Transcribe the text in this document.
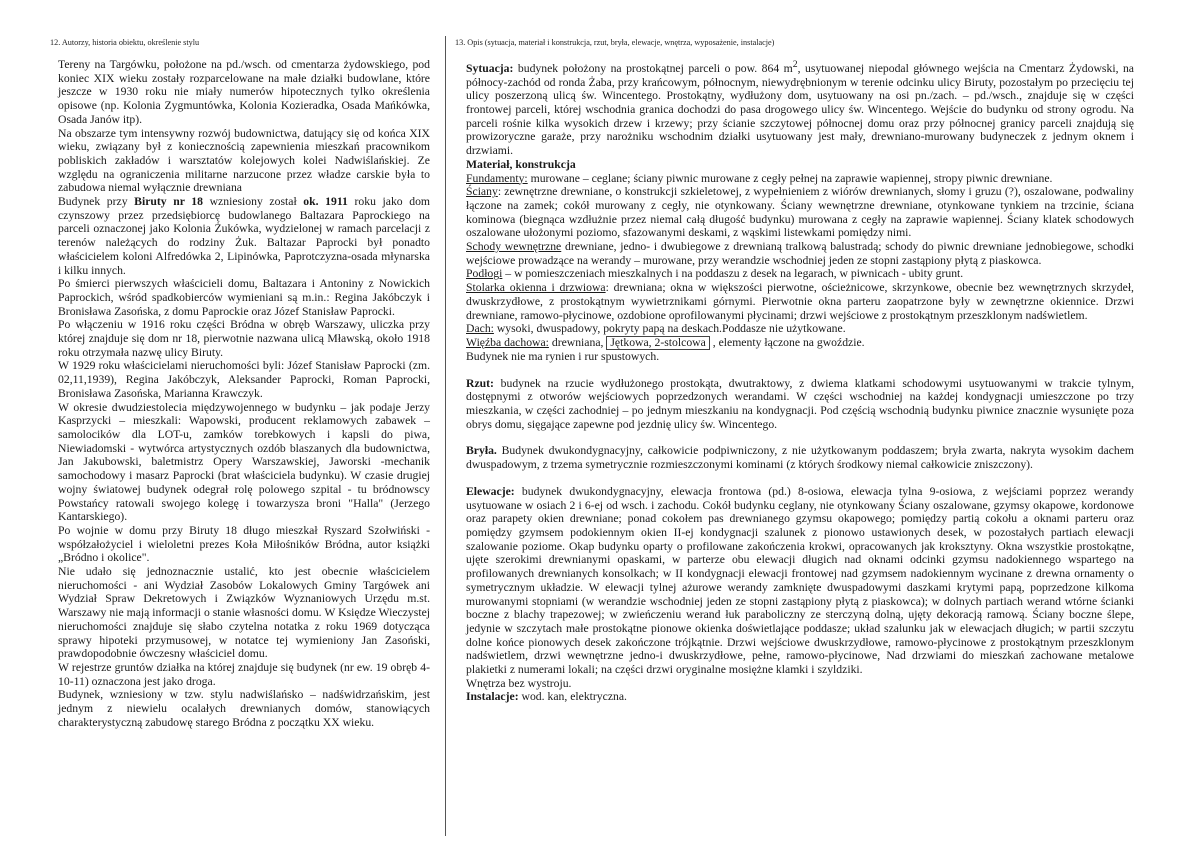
12. Autorzy, historia obiektu, określenie stylu	13. Opis (sytuacja, materiał i konstrukcja, rzut, bryła, elewacje, wnętrza, wyposażenie, instalacje)

Tereny na Targówku, położone na pd./wsch. od cmentarza żydowskiego, pod koniec XIX wieku zostały rozparcelowane na małe działki budowlane, które jeszcze w 1930 roku nie miały numerów hipotecznych tylko określenia opisowe (np. Kolonia Zygmuntówka, Kolonia Kozieradka, Osada Mańkówka, Osada Janów itp).

Na obszarze tym intensywny rozwój budownictwa, datujący się od końca XIX wieku, związany był z koniecznością zapewnienia mieszkań pracownikom pobliskich zakładów i warsztatów kolejowych kolei Nadwiślańskiej. Ze względu na ograniczenia militarne narzucone przez władze carskie była to zabudowa niemal wyłącznie drewniana

Budynek przy Biruty nr 18 wzniesiony został ok. 1911 roku jako dom czynszowy przez przedsiębiorcę budowlanego Baltazara Paprockiego na parceli oznaczonej jako Kolonia Żukówka, wydzielonej w ramach parcelacji z terenów należących do rodziny Żuk. Baltazar Paprocki był ponadto właścicielem koloni Alfredówka 2, Lipinówka, Paprotczyzna-osada młynarska i kilku innych.

Po śmierci pierwszych właścicieli domu, Baltazara i Antoniny z Nowickich Paprockich, wśród spadkobierców wymieniani są m.in.: Regina Jakóbczyk i Bronisława Zasońska, z domu Paprockie oraz Józef Stanisław Paprocki.

Po włączeniu w 1916 roku części Bródna w obręb Warszawy, uliczka przy której znajduje się dom nr 18, pierwotnie nazwana ulicą Mławską, około 1918 roku otrzymała nazwę ulicy Biruty.

W 1929 roku właścicielami nieruchomości byli: Józef Stanisław Paprocki (zm. 02,11,1939), Regina Jakóbczyk, Aleksander Paprocki, Roman Paprocki, Bronisława Zasońska, Marianna Krawczyk.

W okresie dwudziestolecia międzywojennego w budynku – jak podaje Jerzy Kasprzycki – mieszkali: Wapowski, producent reklamowych zabawek – samolocików dla LOT-u, zamków torebkowych i kapsli do piwa, Niewiadomski - wytwórca artystycznych ozdób blaszanych dla budownictwa, Jan Jakubowski, baletmistrz Opery Warszawskiej, Jaworski -mechanik samochodowy i masarz Paprocki (brat właściciela budynku). W czasie drugiej wojny światowej budynek odegrał rolę polowego szpital - tu bródnowscy Powstańcy ratowali swojego kolegę i towarzysza broni "Halla" (Jerzego Kantarskiego).

Po wojnie w domu przy Biruty 18 długo mieszkał Ryszard Szołwiński - współzałożyciel i wieloletni prezes Koła Miłośników Bródna, autor książki „Bródno i okolice".

Nie udało się jednoznacznie ustalić, kto jest obecnie właścicielem nieruchomości - ani Wydział Zasobów Lokalowych Gminy Targówek ani Wydział Spraw Dekretowych i Związków Wyznaniowych Urzędu m.st. Warszawy nie mają informacji o stanie własności domu. W Księdze Wieczystej nieruchomości znajduje się słabo czytelna notatka z roku 1969 dotycząca sprawy hipoteki przymusowej, w notatce tej wymieniony Jan Zasoński, prawdopodobnie ówczesny właściciel domu.

W rejestrze gruntów działka na której znajduje się budynek (nr ew. 19 obręb 4-10-11) oznaczona jest jako droga.

Budynek, wzniesiony w tzw. stylu nadwiślańsko – nadświdrzańskim, jest jednym z niewielu ocalałych drewnianych domów, stanowiących charakterystyczną zabudowę starego Bródna z początku XX wieku.

Sytuacja: budynek położony na prostokątnej parceli o pow. 864 $m^2$, usytuowanej niepodal głównego wejścia na Cmentarz Żydowski, na północy-zachód od ronda Żaba, przy krańcowym, północnym, niewydrębnionym w terenie odcinku ulicy Biruty, pozostałym po przecięciu tej ulicy poszerzoną ulicą św. Wincentego. Prostokątny, wydłużony dom, usytuowany na osi pn./zach. – pd./wsch., znajduje się w części frontowej parceli, której wschodnia granica dochodzi do pasa drogowego ulicy św. Wincentego. Wejście do budynku od strony ogrodu. Na parceli rośnie kilka wysokich drzew i krzewy; przy ścianie szczytowej północnej domu oraz przy północnej granicy parceli znajdują się prowizoryczne garaże, przy narożniku wschodnim działki usytuowany jest mały, drewniano-murowany budyneczek z jednym oknem i drzwiami.

Materiał, konstrukcja

Fundamenty: murowane – ceglane; ściany piwnic murowane z cegły pełnej na zaprawie wapiennej, stropy piwnic drewniane.

Ściany: zewnętrzne drewniane, o konstrukcji szkieletowej, z wypełnieniem z wiórów drewnianych, słomy i gruzu (?), oszalowane, podwaliny łączone na zamek; cokół murowany z cegły, nie otynkowany. Ściany wewnętrzne drewniane, otynkowane tynkiem na trzcinie, ściana kominowa (biegnąca wzdłużnie przez niemal całą długość budynku) murowana z cegły na zaprawie wapiennej. Ściany klatek schodowych oszalowane ułożonymi poziomo, sfazowanymi deskami, z wąskimi listewkami pomiędzy nimi.

Schody wewnętrzne drewniane, jedno- i dwubiegowe z drewnianą tralkową balustradą; schody do piwnic drewniane jednobiegowe, schodki wejściowe prowadzące na werandy – murowane, przy werandzie wschodniej jeden ze stopni zastąpiony płytą z piaskowca.

Podłogi – w pomieszczeniach mieszkalnych i na poddaszu z desek na legarach, w piwnicach - ubity grunt.

Stolarka okienna i drzwiowa: drewniana; okna w większości pierwotne, ościeżnicowe, skrzynkowe, obecnie bez wewnętrznych skrzydeł, dwuskrzydłowe, z prostokątnym wywietrznikami górnymi. Pierwotnie okna parteru zaopatrzone były w zewnętrzne okiennice. Drzwi drewniane, ramowo-płycinowe, ozdobione oprofilowanymi płycinami; drzwi wejściowe z prostokątnym przeszklonym nadświetlem.

Dach: wysoki, dwuspadowy, pokryty papą na deskach.Poddasze nie użytkowane.

Więźba dachowa: drewniana, Jętkowa, 2-stolcowa , elementy łączone na gwoździe.

Budynek nie ma rynien i rur spustowych.

Rzut: budynek na rzucie wydłużonego prostokąta, dwutraktowy, z dwiema klatkami schodowymi usytuowanymi w trakcie tylnym, dostępnymi z otworów wejściowych poprzedzonych werandami. W części wschodniej na każdej kondygnacji umieszczone po trzy mieszkania, w części zachodniej – po jednym mieszkaniu na kondygnacji. Pod częścią wschodnią budynku piwnice znacznie wysunięte poza obrys domu, sięgające zapewne pod jezdnię ulicy św. Wincentego.

Bryła. Budynek dwukondygnacyjny, całkowicie podpiwniczony, z nie użytkowanym poddaszem; bryła zwarta, nakryta wysokim dachem dwuspadowym, z trzema symetrycznie rozmieszczonymi kominami (z których środkowy niemal całkowicie zniszczony).

Elewacje: budynek dwukondygnacyjny, elewacja frontowa (pd.) 8-osiowa, elewacja tylna 9-osiowa, z wejściami poprzez werandy usytuowane w osiach 2 i 6-ej od wsch. i zachodu. Cokół budynku ceglany, nie otynkowany Ściany oszalowane, gzymsy okapowe, kordonowe oraz parapety okien drewniane; ponad cokołem pas drewnianego gzymsu okapowego; pomiędzy partią cokołu a oknami parteru oraz pomiędzy gzymsem podokiennym okien II-ej kondygnacji szalunek z pionowo ustawionych desek, w pozostałych partiach elewacji szalowanie poziome. Okap budynku oparty o profilowane zakończenia krokwi, opracowanych jak kroksztyny. Okna wszystkie prostokątne, ujęte szerokimi drewnianymi opaskami, w parterze obu elewacji długich nad oknami odcinki gzymsu nadokiennego wspartego na profilowanych drewnianych konsolkach; w II kondygnacji elewacji frontowej nad gzymsem nadokiennym wycinane z drewna ornamenty o symetrycznym układzie. W elewacji tylnej ażurowe werandy zamknięte dwuspadowymi daszkami krytymi papą, poprzedzone kilkoma murowanymi stopniami (w werandzie wschodniej jeden ze stopni zastąpiony płytą z piaskowca); w dolnych partiach werand wtórne ścianki boczne z blachy trapezowej; w zwieńczeniu werand łuk paraboliczny ze sterczyną dolną, ujęty dekoracją ramową. Ściany boczne ślepe, jedynie w szczytach małe prostokątne pionowe okienka doświetlające poddasze; układ szalunku jak w elewacjach długich; w partii szczytu dolne końce pionowych desek zakończone trójkątnie. Drzwi wejściowe dwuskrzydłowe, ramowo-płycinowe z prostokątnym przeszklonym nadświetlem, drzwi wewnętrzne jedno-i dwuskrzydłowe, pełne, ramowo-płycinowe, Nad drzwiami do mieszkań zachowane metalowe plakietki z numerami lokali; na części drzwi oryginalne mosiężne klamki i szyldziki.

Wnętrza bez wystroju.

Instalacje: wod. kan, elektryczna.
